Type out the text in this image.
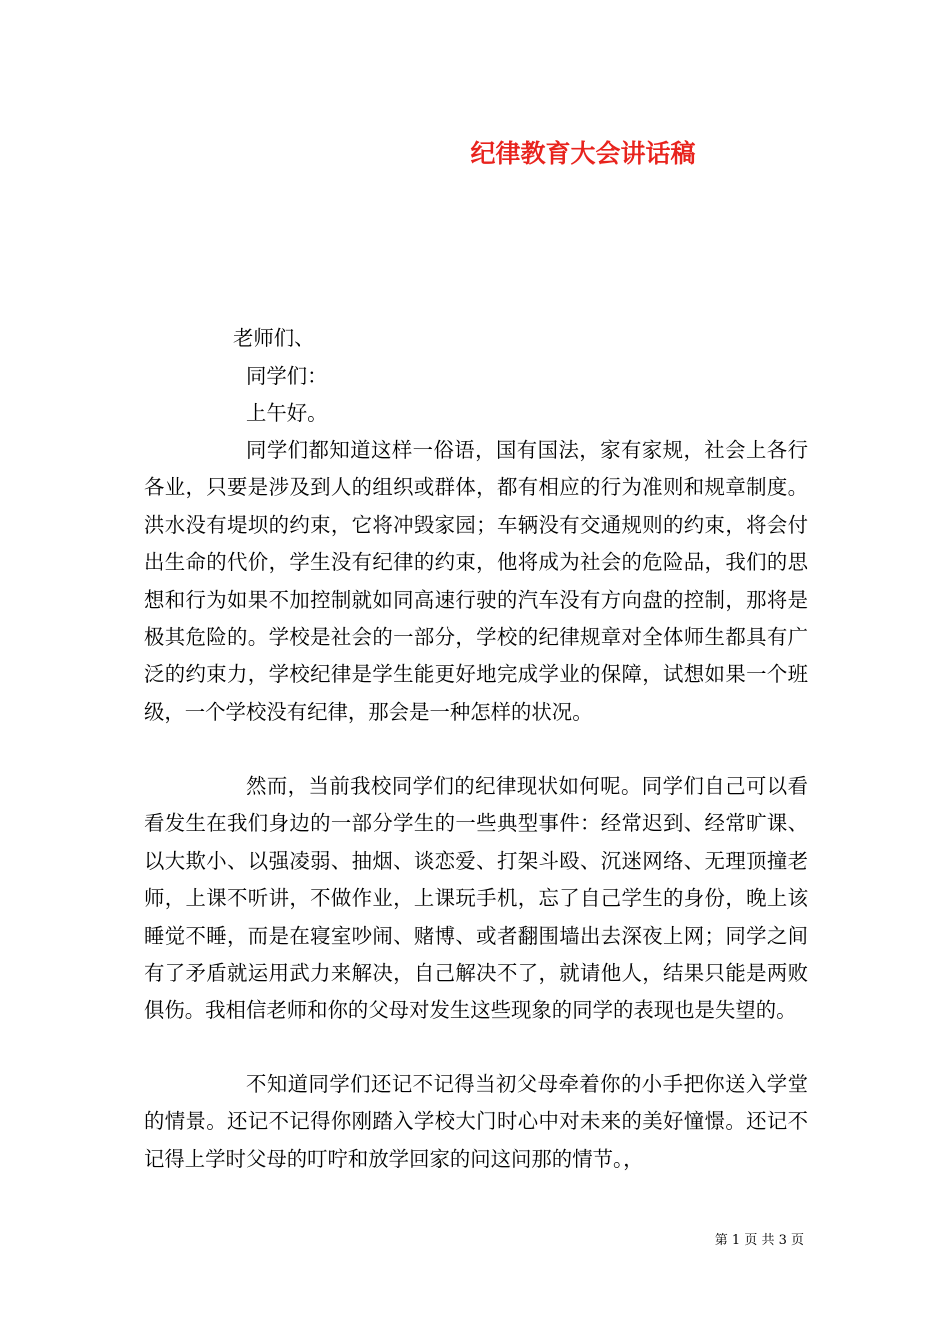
纪律教育大会讲话稿

老师们、

同学们：

上午好。

同学们都知道这样一俗语，国有国法，家有家规，社会上各行各业，只要是涉及到人的组织或群体，都有相应的行为准则和规章制度。洪水没有堤坝的约束，它将冲毁家园；车辆没有交通规则的约束，将会付出生命的代价，学生没有纪律的约束，他将成为社会的危险品，我们的思想和行为如果不加控制就如同高速行驶的汽车没有方向盘的控制，那将是极其危险的。学校是社会的一部分，学校的纪律规章对全体师生都具有广泛的约束力，学校纪律是学生能更好地完成学业的保障，试想如果一个班级，一个学校没有纪律，那会是一种怎样的状况。

然而，当前我校同学们的纪律现状如何呢。同学们自己可以看看发生在我们身边的一部分学生的一些典型事件：经常迟到、经常旷课、以大欺小、以强凌弱、抽烟、谈恋爱、打架斗殴、沉迷网络、无理顶撞老师，上课不听讲，不做作业，上课玩手机，忘了自己学生的身份，晚上该睡觉不睡，而是在寝室吵闹、赌博、或者翻围墙出去深夜上网；同学之间有了矛盾就运用武力来解决，自己解决不了，就请他人，结果只能是两败俱伤。我相信老师和你的父母对发生这些现象的同学的表现也是失望的。

不知道同学们还记不记得当初父母牵着你的小手把你送入学堂的情景。还记不记得你刚踏入学校大门时心中对未来的美好憧憬。还记不记得上学时父母的叮咛和放学回家的问这问那的情节。，

第 1 页 共 3 页
